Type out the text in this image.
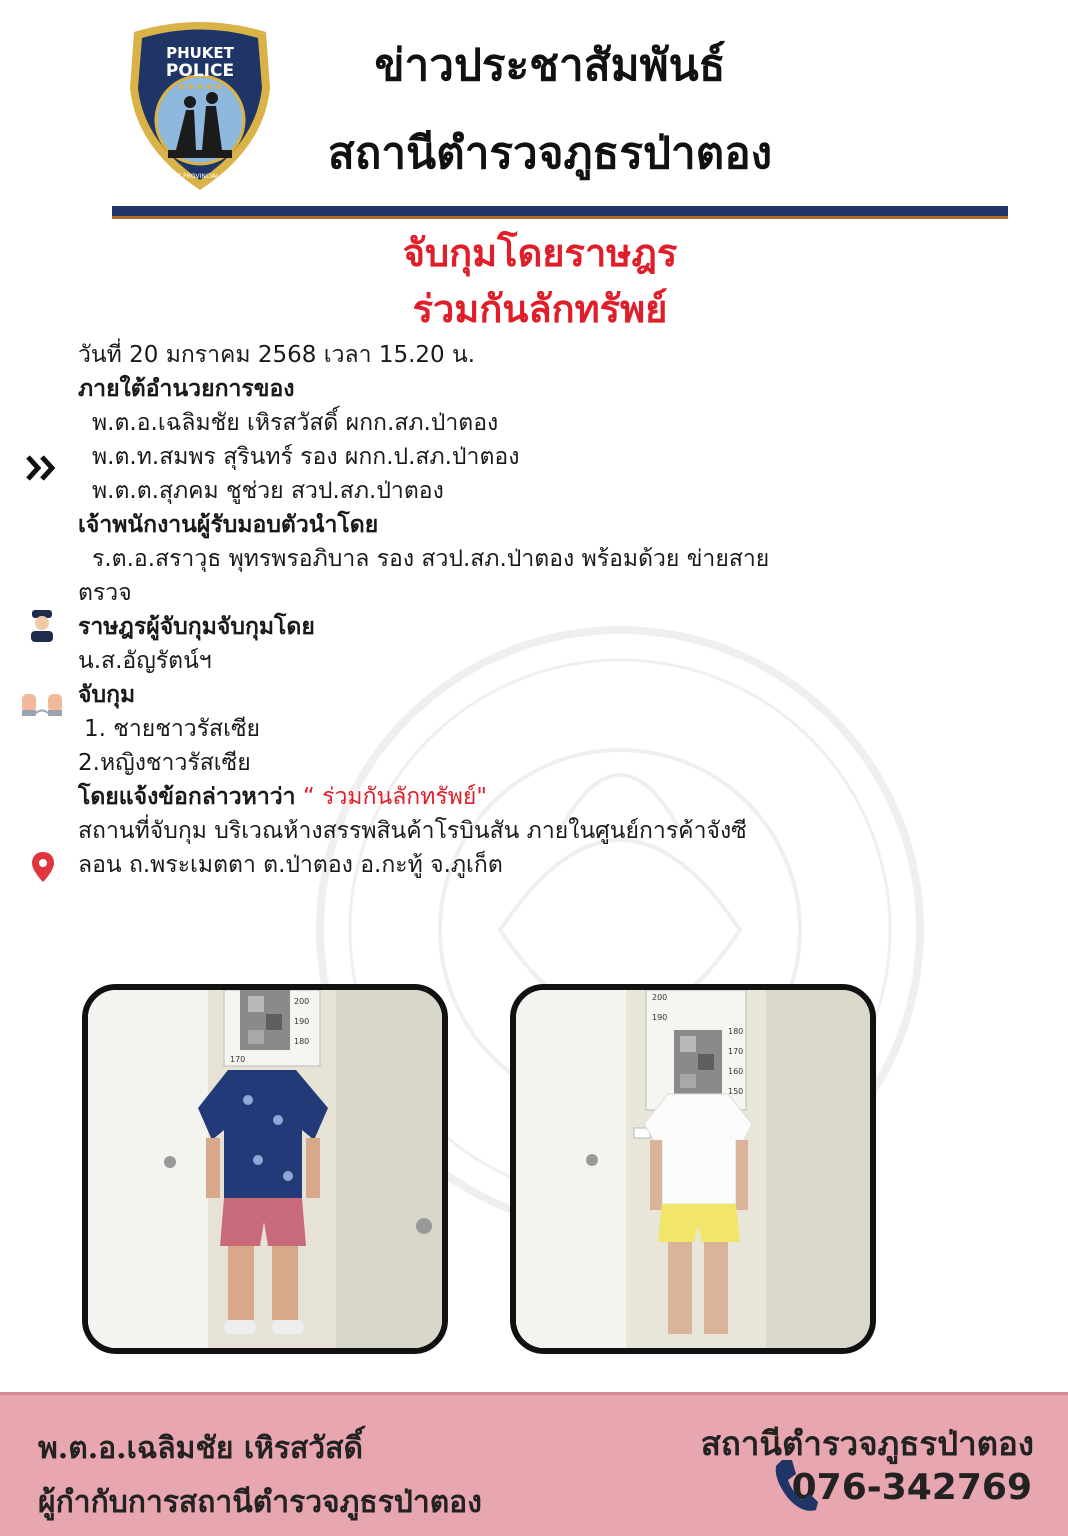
PHUKET
POLICE
★★★★★
PHUKET PROVINCIAL POLICE
ข่าวประชาสัมพันธ์
สถานีตำรวจภูธรป่าตอง
จับกุมโดยราษฎร
ร่วมกันลักทรัพย์
วันที่ 20 มกราคม 2568 เวลา 15.20 น.
ภายใต้อำนวยการของ
พ.ต.อ.เฉลิมชัย เหิรสวัสดิ์ ผกก.สภ.ป่าตอง
พ.ต.ท.สมพร สุรินทร์ รอง ผกก.ป.สภ.ป่าตอง
พ.ต.ต.สุภคม ชูช่วย สวป.สภ.ป่าตอง
เจ้าพนักงานผู้รับมอบตัวนำโดย
ร.ต.อ.สราวุธ พุทรพรอภิบาล รอง สวป.สภ.ป่าตอง พร้อมด้วย ข่ายสาย
ตรวจ
ราษฎรผู้จับกุมจับกุมโดย
น.ส.อัญรัตน์ฯ
จับกุม
1. ชายชาวรัสเซีย
2.หญิงชาวรัสเซีย
โดยแจ้งข้อกล่าวหาว่า “ ร่วมกันลักทรัพย์"
สถานที่จับกุม บริเวณห้างสรรพสินค้าโรบินสัน ภายในศูนย์การค้าจังซี
ลอน ถ.พระเมตตา ต.ป่าตอง อ.กะทู้ จ.ภูเก็ต
200
190
180
170
200
190
180
170
160
150
พ.ต.อ.เฉลิมชัย เหิรสวัสดิ์
ผู้กำกับการสถานีตำรวจภูธรป่าตอง
สถานีตำรวจภูธรป่าตอง
076-342769
